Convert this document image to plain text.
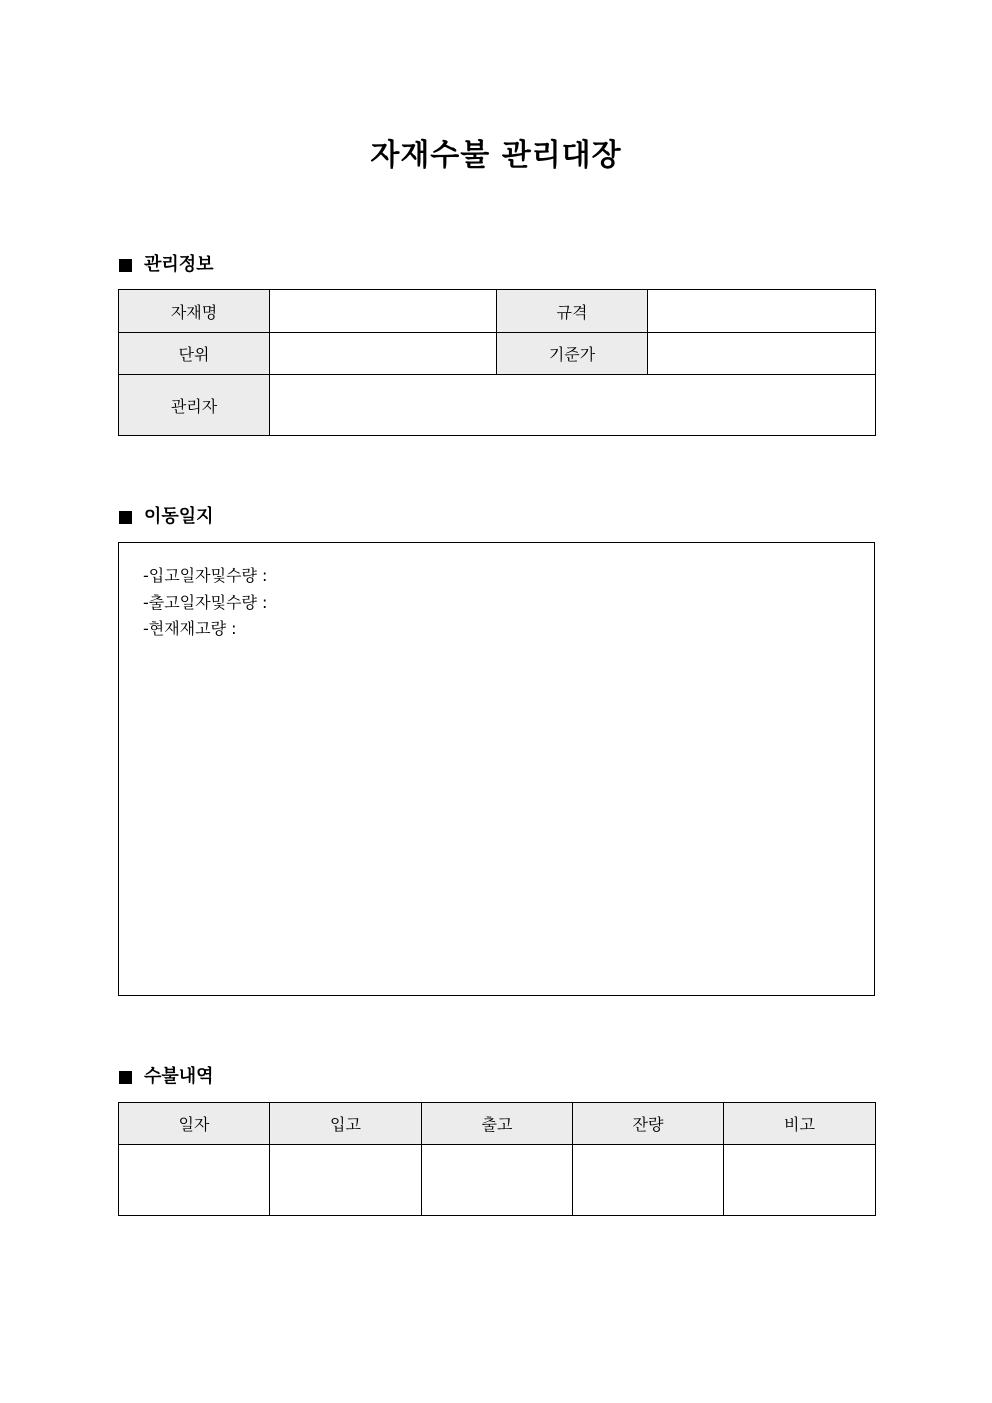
자재수불 관리대장
관리정보
자재명		규격	
단위		기준가	
관리자			
이동일지
-입고일자및수량 :
-출고일자및수량 :
-현재재고량 :
수불내역
일자	입고	출고	잔량	비고
